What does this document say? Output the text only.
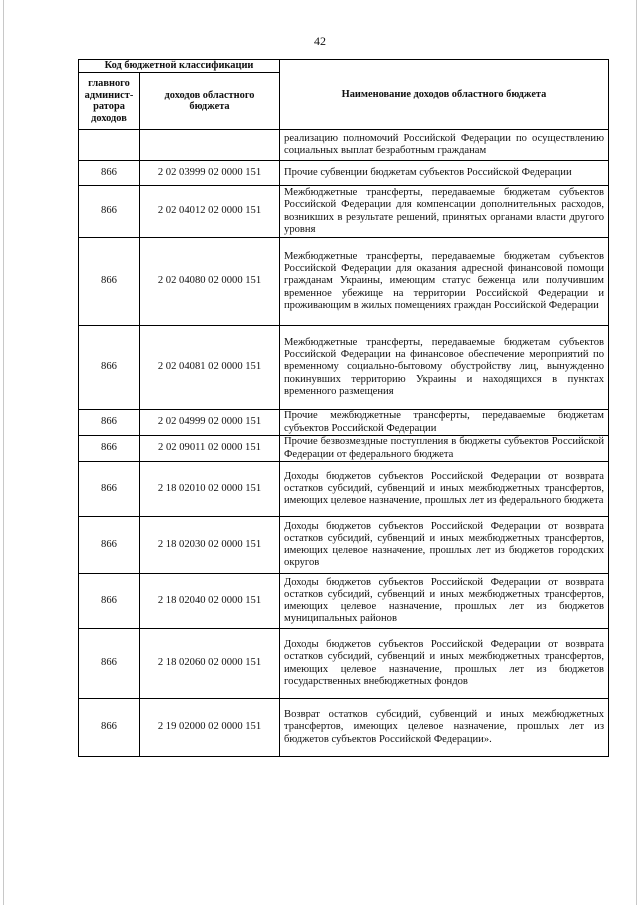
42
Код бюджетной классификации		Наименование доходов областного бюджета
главного админист-ратора доходов	доходов областного бюджета	
		реализацию полномочий Российской Федерации по осуществлению социальных выплат безработным гражданам
866	2 02 03999 02 0000 151	Прочие субвенции бюджетам субъектов Российской Федерации
866	2 02 04012 02 0000 151	Межбюджетные трансферты, передаваемые бюджетам субъектов Российской Федерации для компенсации дополнительных расходов, возникших в результате решений, принятых органами власти другого уровня
866	2 02 04080 02 0000 151	Межбюджетные трансферты, передаваемые бюджетам субъектов Российской Федерации для оказания адресной финансовой помощи гражданам Украины, имеющим статус беженца или получившим временное убежище на территории Российской Федерации и проживающим в жилых помещениях граждан Российской Федерации
866	2 02 04081 02 0000 151	Межбюджетные трансферты, передаваемые бюджетам субъектов Российской Федерации на финансовое обеспечение мероприятий по временному социально-бытовому обустройству лиц, вынужденно покинувших территорию Украины и находящихся в пунктах временного размещения
866	2 02 04999 02 0000 151	Прочие межбюджетные трансферты, передаваемые бюджетам субъектов Российской Федерации
866	2 02 09011 02 0000 151	Прочие безвозмездные поступления в бюджеты субъектов Российской Федерации от федерального бюджета
866	2 18 02010 02 0000 151	Доходы бюджетов субъектов Российской Федерации от возврата остатков субсидий, субвенций и иных межбюджетных трансфертов, имеющих целевое назначение, прошлых лет из федерального бюджета
866	2 18 02030 02 0000 151	Доходы бюджетов субъектов Российской Федерации от возврата остатков субсидий, субвенций и иных межбюджетных трансфертов, имеющих целевое назначение, прошлых лет из бюджетов городских округов
866	2 18 02040 02 0000 151	Доходы бюджетов субъектов Российской Федерации от возврата остатков субсидий, субвенций и иных межбюджетных трансфертов, имеющих целевое назначение, прошлых лет из бюджетов муниципальных районов
866	2 18 02060 02 0000 151	Доходы бюджетов субъектов Российской Федерации от возврата остатков субсидий, субвенций и иных межбюджетных трансфертов, имеющих целевое назначение, прошлых лет из бюджетов государственных внебюджетных фондов
866	2 19 02000 02 0000 151	Возврат остатков субсидий, субвенций и иных межбюджетных трансфертов, имеющих целевое назначение, прошлых лет из бюджетов субъектов Российской Федерации».
